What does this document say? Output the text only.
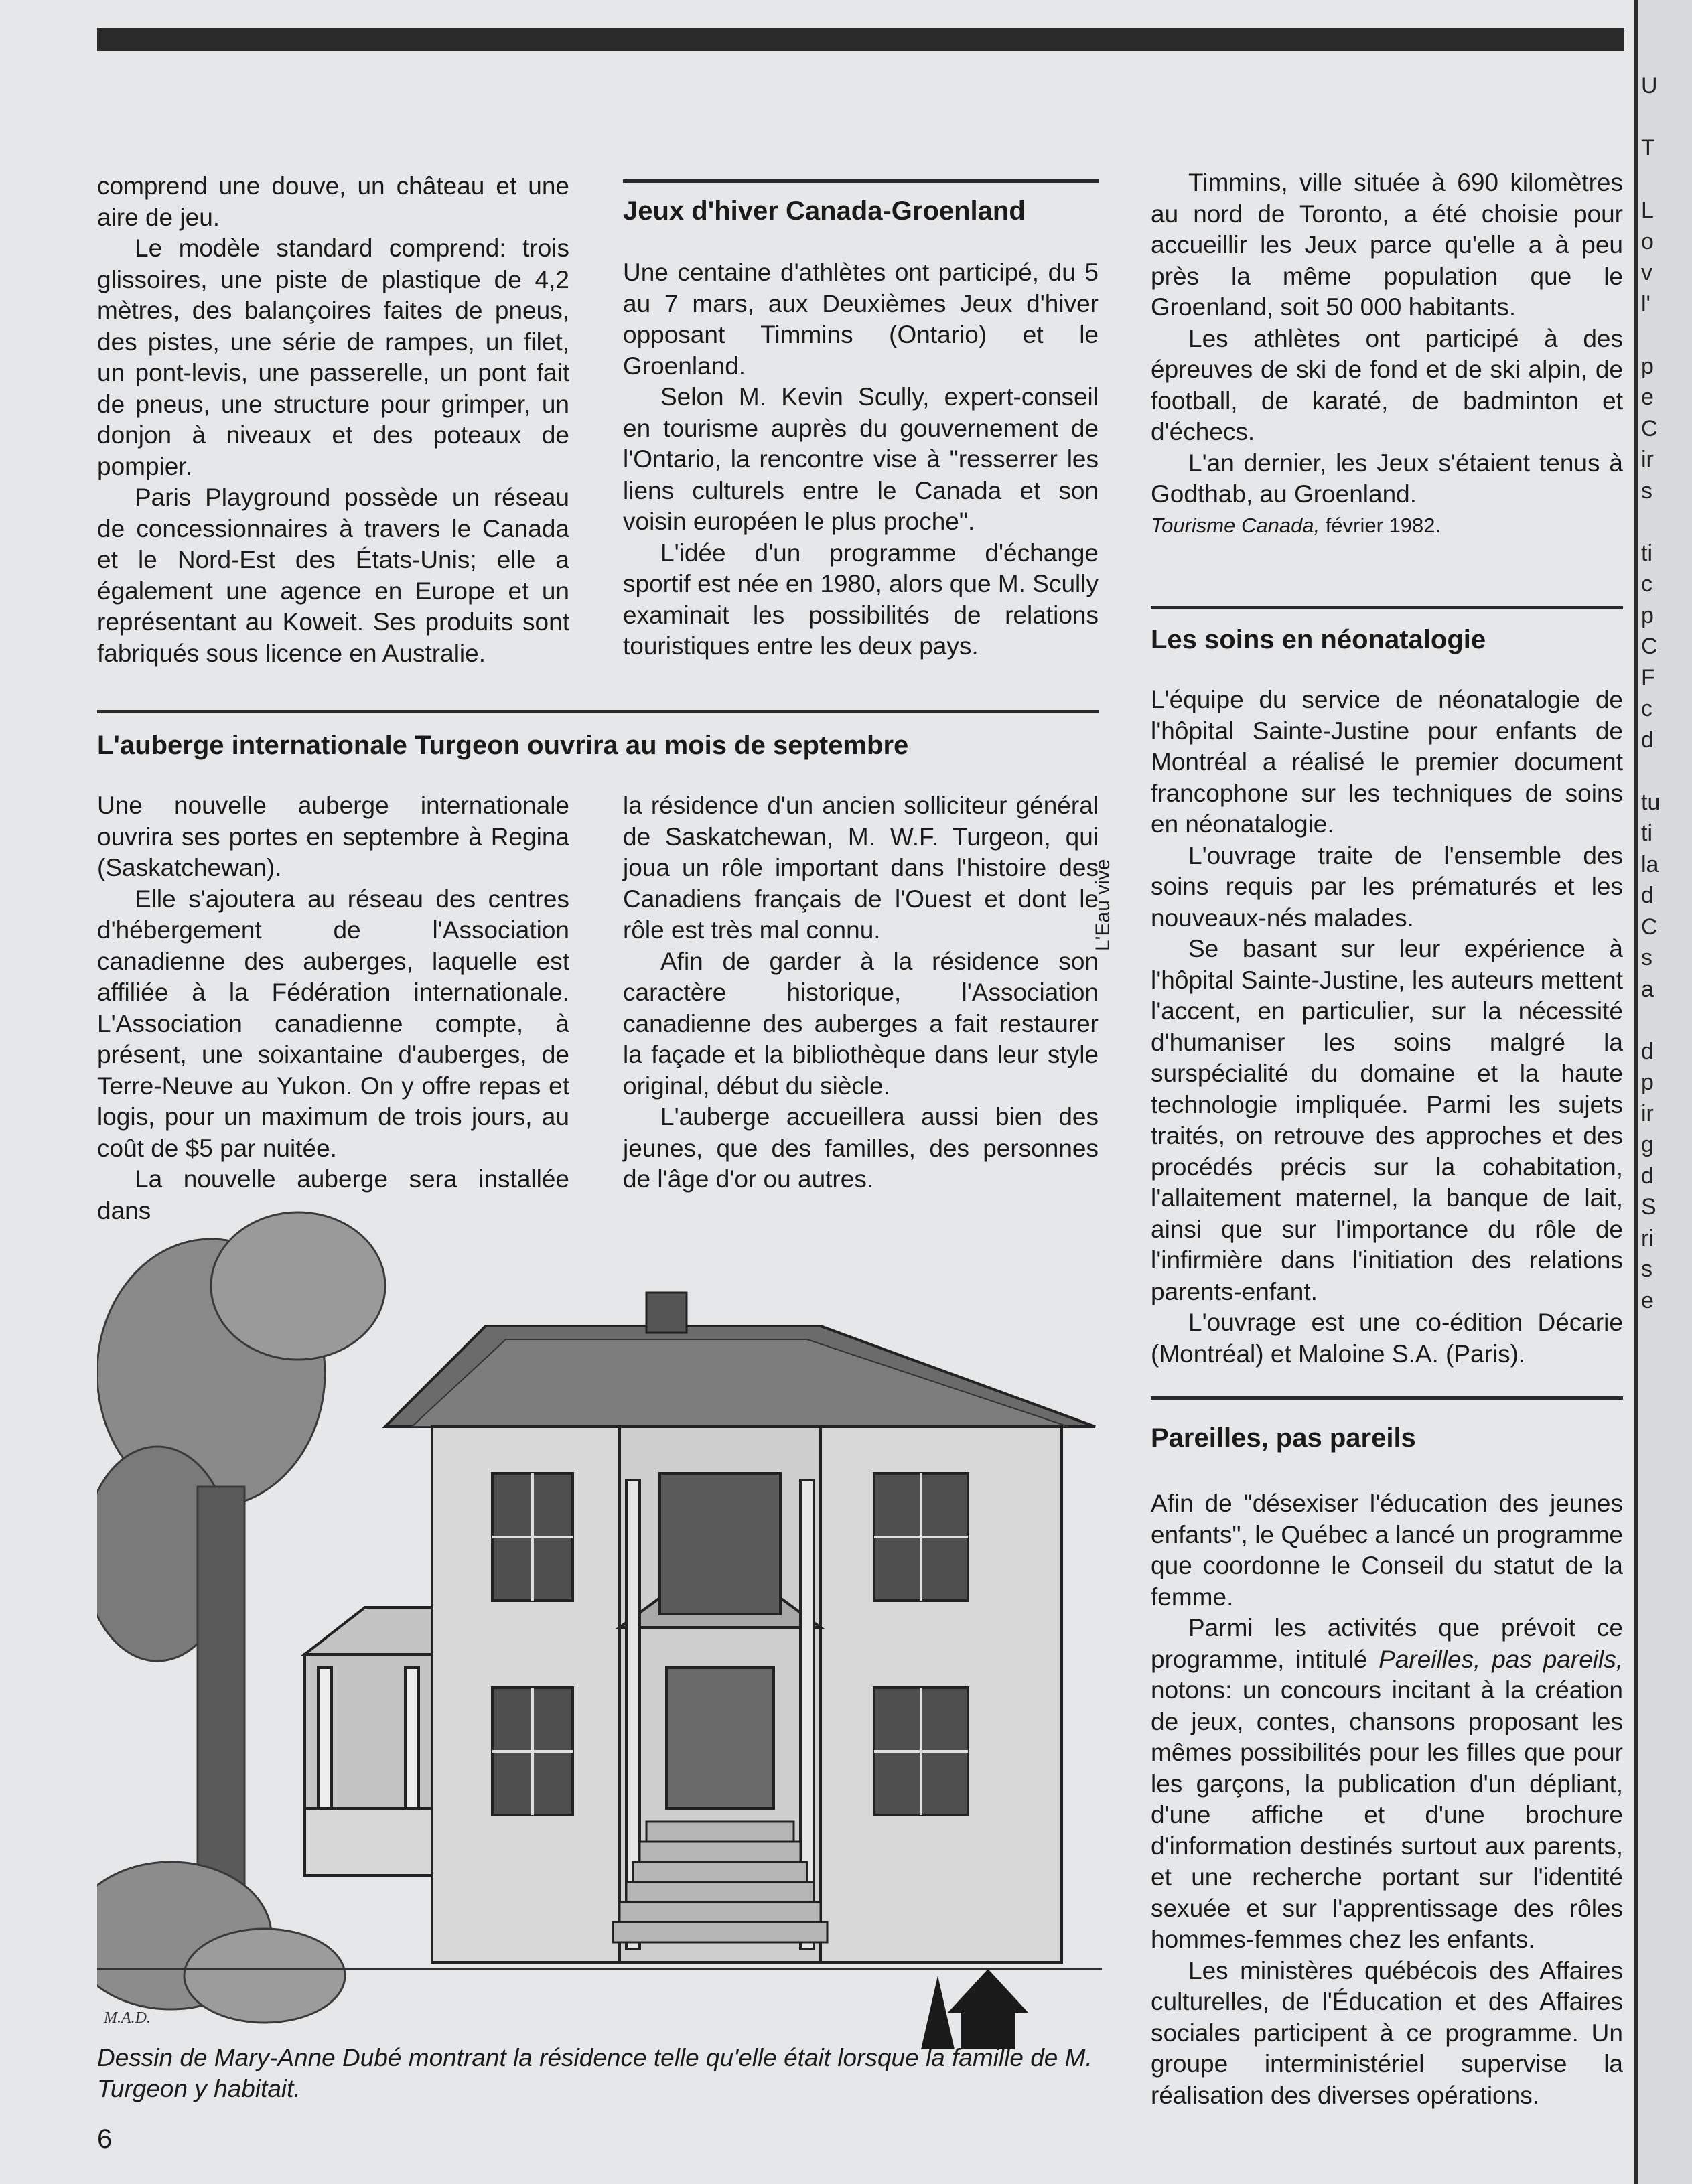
comprend une douve, un château et une aire de jeu.

Le modèle standard comprend: trois glissoires, une piste de plastique de 4,2 mètres, des balançoires faites de pneus, des pistes, une série de rampes, un filet, un pont-levis, une passerelle, un pont fait de pneus, une structure pour grimper, un donjon à niveaux et des poteaux de pompier.

Paris Playground possède un réseau de concessionnaires à travers le Canada et le Nord-Est des États-Unis; elle a également une agence en Europe et un représentant au Koweit. Ses produits sont fabriqués sous licence en Australie.

Jeux d'hiver Canada-Groenland

Une centaine d'athlètes ont participé, du 5 au 7 mars, aux Deuxièmes Jeux d'hiver opposant Timmins (Ontario) et le Groenland.

Selon M. Kevin Scully, expert-conseil en tourisme auprès du gouvernement de l'Ontario, la rencontre vise à "resserrer les liens culturels entre le Canada et son voisin européen le plus proche".

L'idée d'un programme d'échange sportif est née en 1980, alors que M. Scully examinait les possibilités de relations touristiques entre les deux pays.

Timmins, ville située à 690 kilomètres au nord de Toronto, a été choisie pour accueillir les Jeux parce qu'elle a à peu près la même population que le Groenland, soit 50 000 habitants.

Les athlètes ont participé à des épreuves de ski de fond et de ski alpin, de football, de karaté, de badminton et d'échecs.

L'an dernier, les Jeux s'étaient tenus à Godthab, au Groenland.

Tourisme Canada, février 1982.

L'auberge internationale Turgeon ouvrira au mois de septembre

Une nouvelle auberge internationale ouvrira ses portes en septembre à Regina (Saskatchewan).

Elle s'ajoutera au réseau des centres d'hébergement de l'Association canadienne des auberges, laquelle est affiliée à la Fédération internationale. L'Association canadienne compte, à présent, une soixantaine d'auberges, de Terre-Neuve au Yukon. On y offre repas et logis, pour un maximum de trois jours, au coût de $5 par nuitée.

La nouvelle auberge sera installée dans

la résidence d'un ancien solliciteur général de Saskatchewan, M. W.F. Turgeon, qui joua un rôle important dans l'histoire des Canadiens français de l'Ouest et dont le rôle est très mal connu.

Afin de garder à la résidence son caractère historique, l'Association canadienne des auberges a fait restaurer la façade et la bibliothèque dans leur style original, début du siècle.

L'auberge accueillera aussi bien des jeunes, que des familles, des personnes de l'âge d'or ou autres.

M.A.D.
L'Eau vive
Dessin de Mary-Anne Dubé montrant la résidence telle qu'elle était lorsque la famille de M. Turgeon y habitait.
Les soins en néonatalogie

L'équipe du service de néonatalogie de l'hôpital Sainte-Justine pour enfants de Montréal a réalisé le premier document francophone sur les techniques de soins en néonatalogie.

L'ouvrage traite de l'ensemble des soins requis par les prématurés et les nouveaux-nés malades.

Se basant sur leur expérience à l'hôpital Sainte-Justine, les auteurs mettent l'accent, en particulier, sur la nécessité d'humaniser les soins malgré la surspécialité du domaine et la haute technologie impliquée. Parmi les sujets traités, on retrouve des approches et des procédés précis sur la cohabitation, l'allaitement maternel, la banque de lait, ainsi que sur l'importance du rôle de l'infirmière dans l'initiation des relations parents-enfant.

L'ouvrage est une co-édition Décarie (Montréal) et Maloine S.A. (Paris).

Pareilles, pas pareils

Afin de "désexiser l'éducation des jeunes enfants", le Québec a lancé un programme que coordonne le Conseil du statut de la femme.

Parmi les activités que prévoit ce programme, intitulé Pareilles, pas pareils, notons: un concours incitant à la création de jeux, contes, chansons proposant les mêmes possibilités pour les filles que pour les garçons, la publication d'un dépliant, d'une affiche et d'une brochure d'information destinés surtout aux parents, et une recherche portant sur l'identité sexuée et sur l'apprentissage des rôles hommes-femmes chez les enfants.

Les ministères québécois des Affaires culturelles, de l'Éducation et des Affaires sociales participent à ce programme. Un groupe interministériel supervise la réalisation des diverses opérations.

6
U
T
L
o
v
l'
p
e
C
ir
s
ti
c
p
C
F
c
d
tu
ti
la
d
C
s
a
d
p
ir
g
d
S
ri
s
e
